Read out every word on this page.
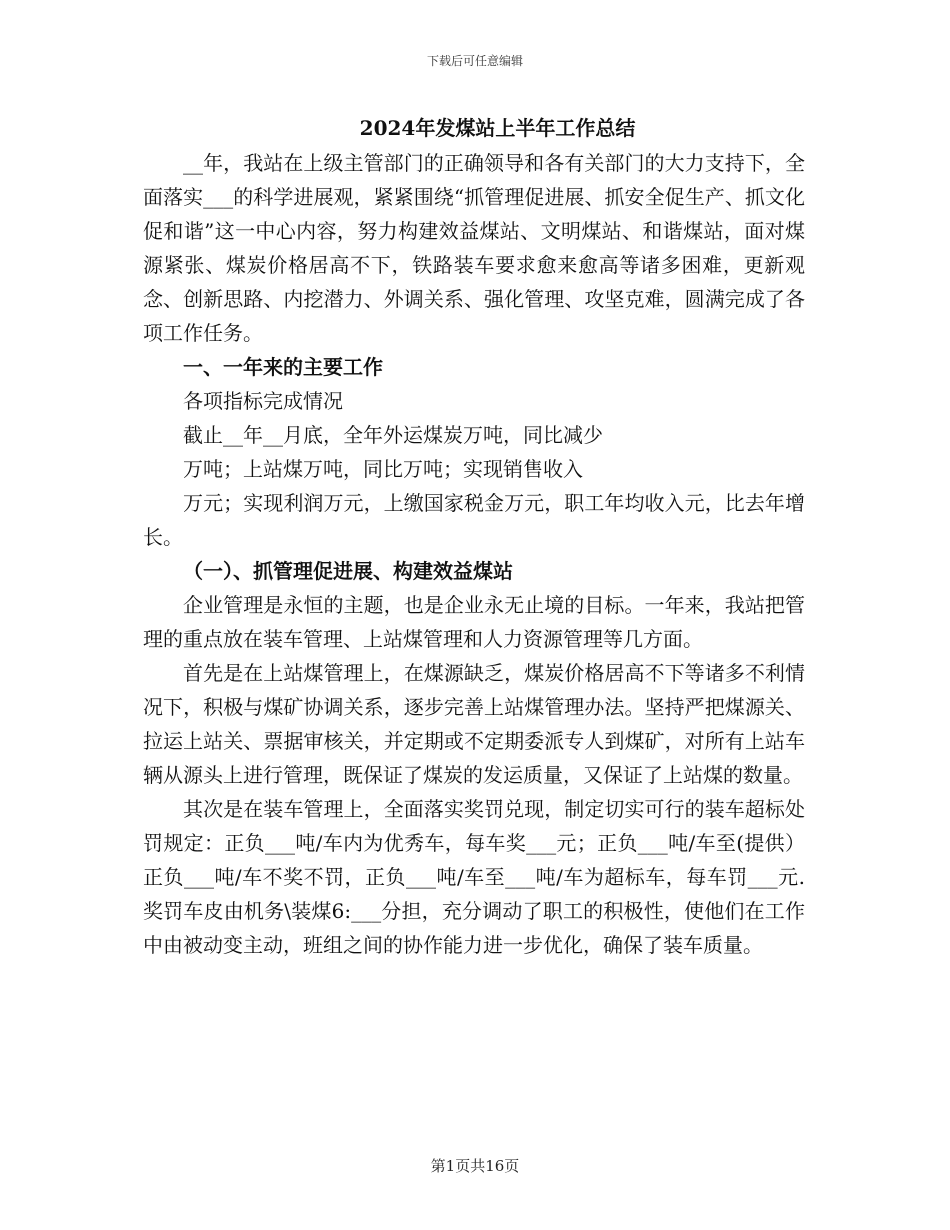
下载后可任意编辑
2024年发煤站上半年工作总结

__年，我站在上级主管部门的正确领导和各有关部门的大力支持下，全面落实___的科学进展观，紧紧围绕“抓管理促进展、抓安全促生产、抓文化促和谐”这一中心内容，努力构建效益煤站、文明煤站、和谐煤站，面对煤源紧张、煤炭价格居高不下，铁路装车要求愈来愈高等诸多困难，更新观念、创新思路、内挖潜力、外调关系、强化管理、攻坚克难，圆满完成了各项工作任务。

一、一年来的主要工作

各项指标完成情况

截止__年__月底，全年外运煤炭万吨，同比减少

万吨；上站煤万吨，同比万吨；实现销售收入

万元；实现利润万元，上缴国家税金万元，职工年均收入元，比去年增长。

（一）、抓管理促进展、构建效益煤站

企业管理是永恒的主题，也是企业永无止境的目标。一年来，我站把管理的重点放在装车管理、上站煤管理和人力资源管理等几方面。

首先是在上站煤管理上，在煤源缺乏，煤炭价格居高不下等诸多不利情况下，积极与煤矿协调关系，逐步完善上站煤管理办法。坚持严把煤源关、拉运上站关、票据审核关，并定期或不定期委派专人到煤矿，对所有上站车辆从源头上进行管理，既保证了煤炭的发运质量，又保证了上站煤的数量。

其次是在装车管理上，全面落实奖罚兑现，制定切实可行的装车超标处罚规定：正负___吨/车内为优秀车，每车奖___元；正负___吨/车至(提供）正负___吨/车不奖不罚，正负___吨/车至___吨/车为超标车，每车罚___元.奖罚车皮由机务\装煤6:___分担，充分调动了职工的积极性，使他们在工作中由被动变主动，班组之间的协作能力进一步优化，确保了装车质量。

第1页共16页
